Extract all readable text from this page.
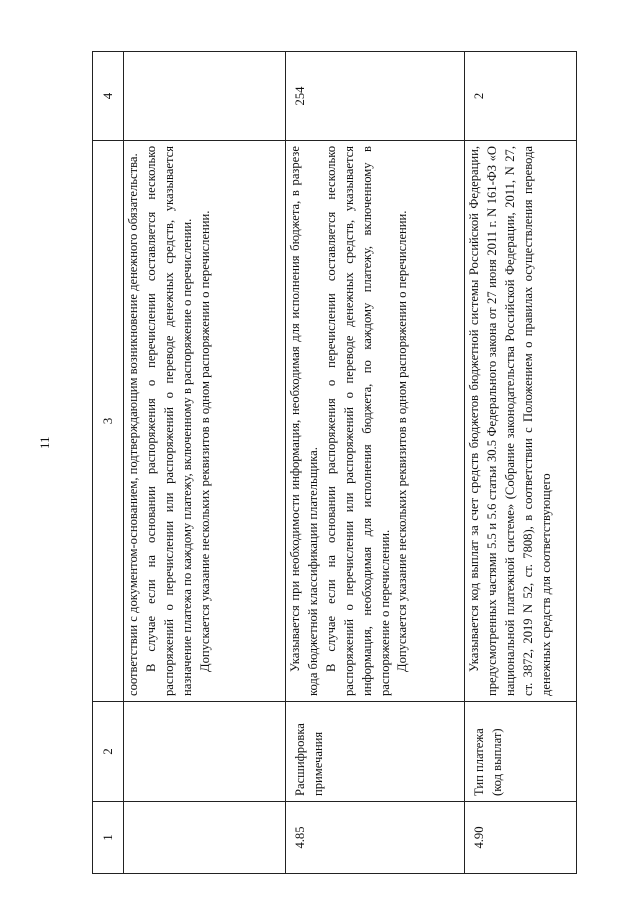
11
1	2	3	4

		соответствии с документом-основанием, подтверждающим возникновение денежного обязательства. В случае если на основании распоряжения о перечислении составляется несколько распоряжений о перечислении или распоряжений о переводе денежных средств, указывается назначение платежа по каждому платежу, включенному в распоряжение о перечислении. Допускается указание нескольких реквизитов в одном распоряжении о перечислении.	

4.85	Расшифровка примечания	Указывается при необходимости информация, необходимая для исполнения бюджета, в разрезе кода бюджетной классификации плательщика. В случае если на основании распоряжения о перечислении составляется несколько распоряжений о перечислении или распоряжений о переводе денежных средств, указывается информация, необходимая для исполнения бюджета, по каждому платежу, включенному в распоряжение о перечислении. Допускается указание нескольких реквизитов в одном распоряжении о перечислении.	254
4.90	Тип платежа (код выплат)	Указывается код выплат за счет средств бюджетов бюджетной системы Российской Федерации, предусмотренных частями 5.5 и 5.6 статьи 30.5 Федерального закона от 27 июня 2011 г. N 161-ФЗ «О национальной платежной системе» (Собрание законодательства Российской Федерации, 2011, N 27, ст. 3872, 2019 N 52, ст. 7808), в соответствии с Положением о правилах осуществления перевода денежных средств для соответствующего	2
